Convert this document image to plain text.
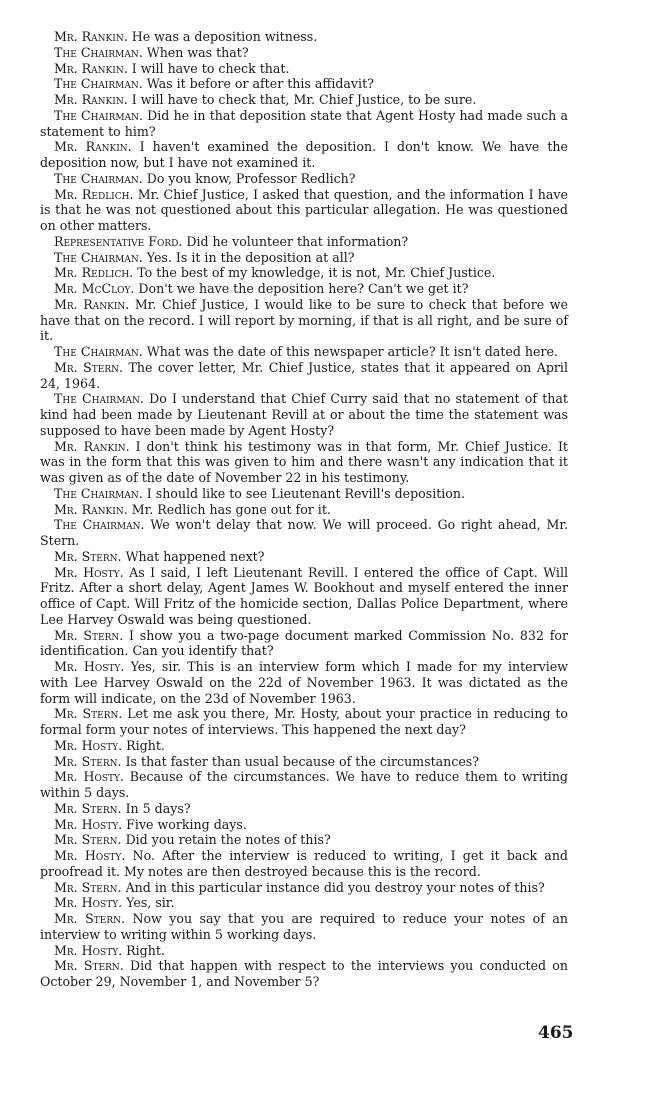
Mr. Rankin. He was a deposition witness.

The Chairman. When was that?

Mr. Rankin. I will have to check that.

The Chairman. Was it before or after this affidavit?

Mr. Rankin. I will have to check that, Mr. Chief Justice, to be sure.

The Chairman. Did he in that deposition state that Agent Hosty had made such a statement to him?

Mr. Rankin. I haven't examined the deposition. I don't know. We have the deposition now, but I have not examined it.

The Chairman. Do you know, Professor Redlich?

Mr. Redlich. Mr. Chief Justice, I asked that question, and the information I have is that he was not questioned about this particular allegation. He was questioned on other matters.

Representative Ford. Did he volunteer that information?

The Chairman. Yes. Is it in the deposition at all?

Mr. Redlich. To the best of my knowledge, it is not, Mr. Chief Justice.

Mr. McCloy. Don't we have the deposition here? Can't we get it?

Mr. Rankin. Mr. Chief Justice, I would like to be sure to check that before we have that on the record. I will report by morning, if that is all right, and be sure of it.

The Chairman. What was the date of this newspaper article? It isn't dated here.

Mr. Stern. The cover letter, Mr. Chief Justice, states that it appeared on April 24, 1964.

The Chairman. Do I understand that Chief Curry said that no statement of that kind had been made by Lieutenant Revill at or about the time the statement was supposed to have been made by Agent Hosty?

Mr. Rankin. I don't think his testimony was in that form, Mr. Chief Justice. It was in the form that this was given to him and there wasn't any indication that it was given as of the date of November 22 in his testimony.

The Chairman. I should like to see Lieutenant Revill's deposition.

Mr. Rankin. Mr. Redlich has gone out for it.

The Chairman. We won't delay that now. We will proceed. Go right ahead, Mr. Stern.

Mr. Stern. What happened next?

Mr. Hosty. As I said, I left Lieutenant Revill. I entered the office of Capt. Will Fritz. After a short delay, Agent James W. Bookhout and myself entered the inner office of Capt. Will Fritz of the homicide section, Dallas Police Department, where Lee Harvey Oswald was being questioned.

Mr. Stern. I show you a two-page document marked Commission No. 832 for identification. Can you identify that?

Mr. Hosty. Yes, sir. This is an interview form which I made for my interview with Lee Harvey Oswald on the 22d of November 1963. It was dictated as the form will indicate, on the 23d of November 1963.

Mr. Stern. Let me ask you there, Mr. Hosty, about your practice in reducing to formal form your notes of interviews. This happened the next day?

Mr. Hosty. Right.

Mr. Stern. Is that faster than usual because of the circumstances?

Mr. Hosty. Because of the circumstances. We have to reduce them to writing within 5 days.

Mr. Stern. In 5 days?

Mr. Hosty. Five working days.

Mr. Stern. Did you retain the notes of this?

Mr. Hosty. No. After the interview is reduced to writing, I get it back and proofread it. My notes are then destroyed because this is the record.

Mr. Stern. And in this particular instance did you destroy your notes of this?

Mr. Hosty. Yes, sir.

Mr. Stern. Now you say that you are required to reduce your notes of an interview to writing within 5 working days.

Mr. Hosty. Right.

Mr. Stern. Did that happen with respect to the interviews you conducted on October 29, November 1, and November 5?

465
